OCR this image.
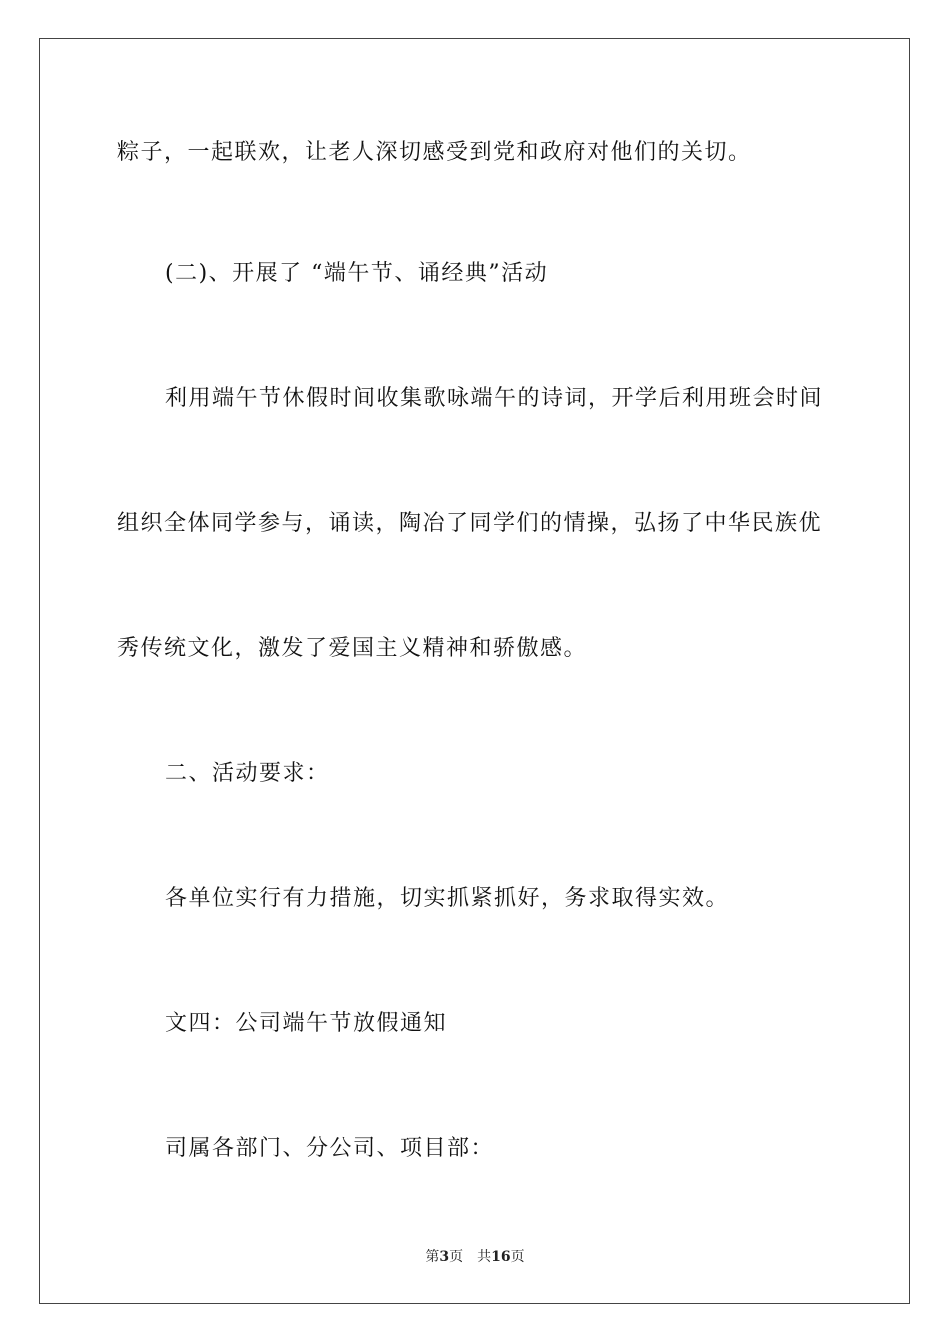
粽子，一起联欢，让老人深切感受到党和政府对他们的关切。
(二)、开展了 “端午节、诵经典”活动
利用端午节休假时间收集歌咏端午的诗词，开学后利用班会时间
组织全体同学参与，诵读，陶冶了同学们的情操，弘扬了中华民族优
秀传统文化，激发了爱国主义精神和骄傲感。
二、活动要求：
各单位实行有力措施，切实抓紧抓好，务求取得实效。
文四：公司端午节放假通知
司属各部门、分公司、项目部：
第3页 共16页
